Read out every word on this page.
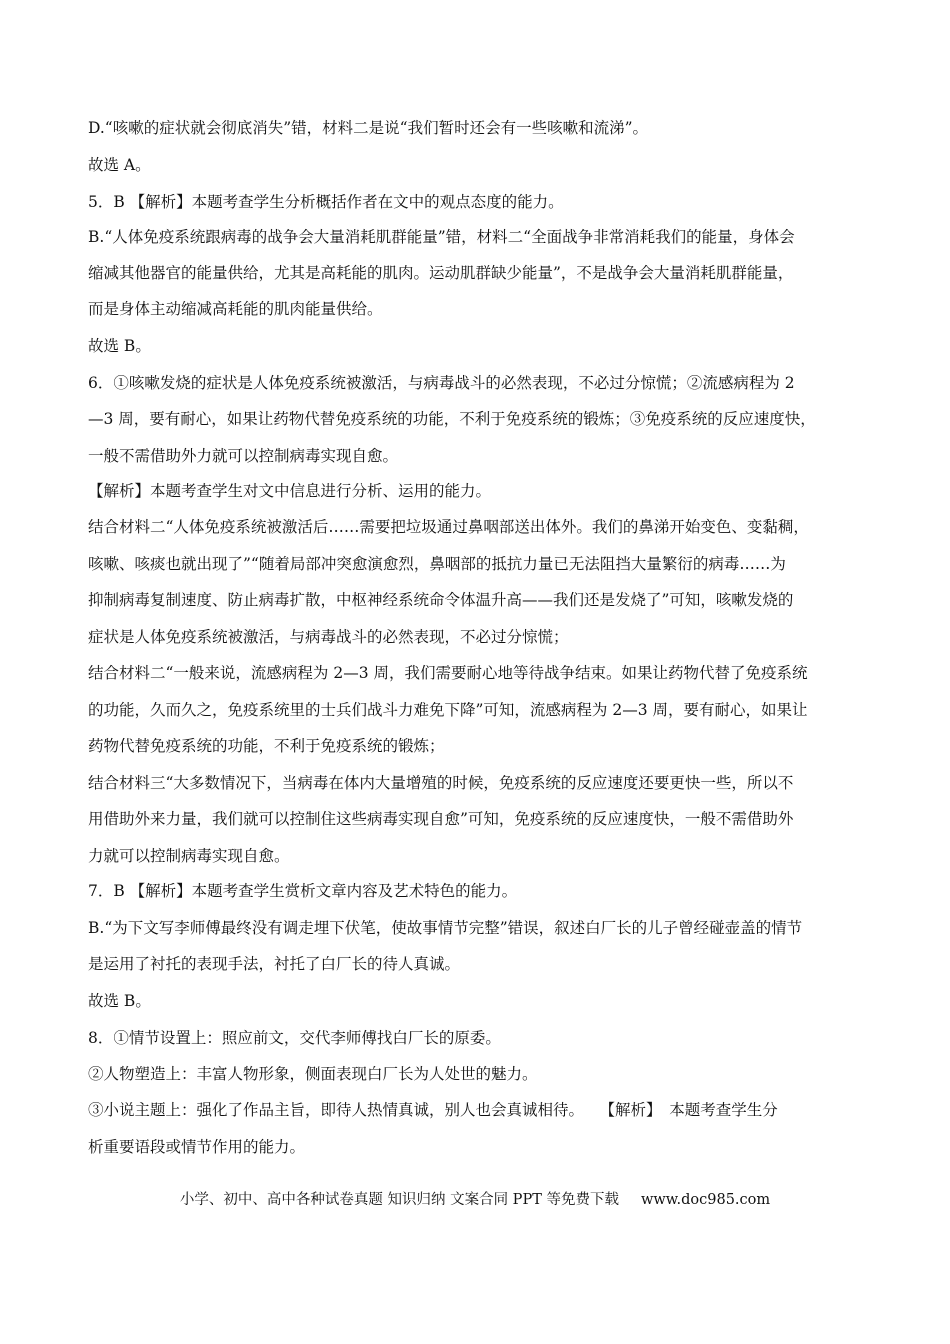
D.“咳嗽的症状就会彻底消失”错，材料二是说“我们暂时还会有一些咳嗽和流涕”。
故选 A。
5．B 【解析】本题考查学生分析概括作者在文中的观点态度的能力。
B.“人体免疫系统跟病毒的战争会大量消耗肌群能量”错，材料二“全面战争非常消耗我们的能量，身体会
缩减其他器官的能量供给，尤其是高耗能的肌肉。运动肌群缺少能量”，不是战争会大量消耗肌群能量，
而是身体主动缩减高耗能的肌肉能量供给。
故选 B。
6．①咳嗽发烧的症状是人体免疫系统被激活，与病毒战斗的必然表现，不必过分惊慌；②流感病程为 2
—3 周，要有耐心，如果让药物代替免疫系统的功能，不利于免疫系统的锻炼；③免疫系统的反应速度快，
一般不需借助外力就可以控制病毒实现自愈。
【解析】本题考查学生对文中信息进行分析、运用的能力。
结合材料二“人体免疫系统被激活后……需要把垃圾通过鼻咽部送出体外。我们的鼻涕开始变色、变黏稠，
咳嗽、咳痰也就出现了”“随着局部冲突愈演愈烈，鼻咽部的抵抗力量已无法阻挡大量繁衍的病毒……为
抑制病毒复制速度、防止病毒扩散，中枢神经系统命令体温升高——我们还是发烧了”可知，咳嗽发烧的
症状是人体免疫系统被激活，与病毒战斗的必然表现，不必过分惊慌；
结合材料二“一般来说，流感病程为 2—3 周，我们需要耐心地等待战争结束。如果让药物代替了免疫系统
的功能，久而久之，免疫系统里的士兵们战斗力难免下降”可知，流感病程为 2—3 周，要有耐心，如果让
药物代替免疫系统的功能，不利于免疫系统的锻炼；
结合材料三“大多数情况下，当病毒在体内大量增殖的时候，免疫系统的反应速度还要更快一些，所以不
用借助外来力量，我们就可以控制住这些病毒实现自愈”可知，免疫系统的反应速度快，一般不需借助外
力就可以控制病毒实现自愈。
7．B 【解析】本题考查学生赏析文章内容及艺术特色的能力。
B.“为下文写李师傅最终没有调走埋下伏笔，使故事情节完整”错误，叙述白厂长的儿子曾经碰壶盖的情节
是运用了衬托的表现手法，衬托了白厂长的待人真诚。
故选 B。
8．①情节设置上：照应前文，交代李师傅找白厂长的原委。
②人物塑造上：丰富人物形象，侧面表现白厂长为人处世的魅力。
③小说主题上：强化了作品主旨，即待人热情真诚，别人也会真诚相待。　　【解析】　本题考查学生分
析重要语段或情节作用的能力。
小学、初中、高中各种试卷真题 知识归纳 文案合同 PPT 等免费下载 www.doc985.com
